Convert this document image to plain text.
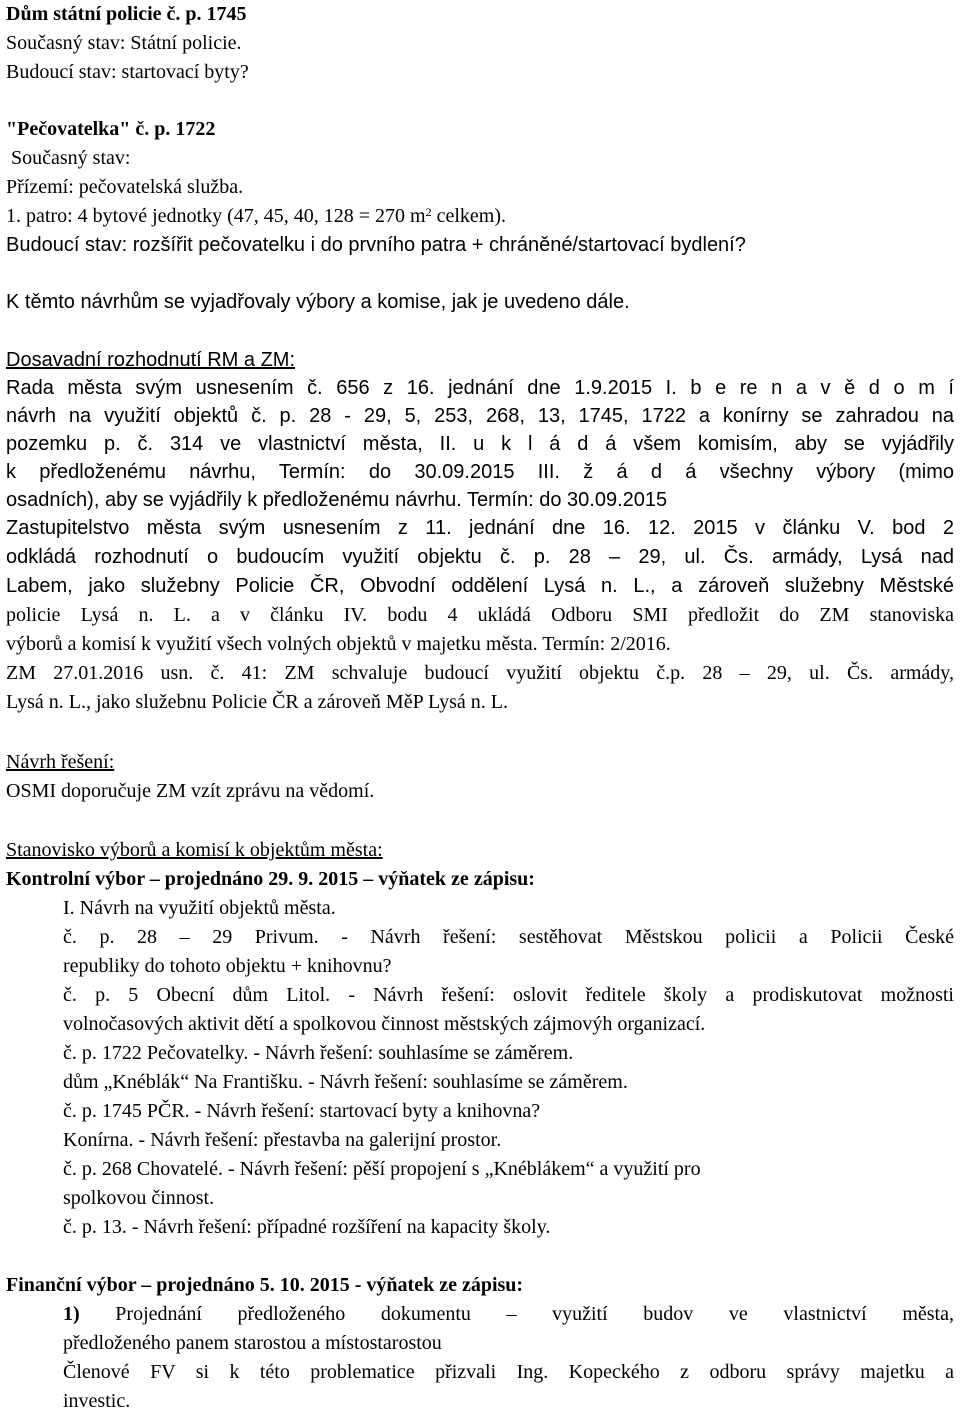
Dům státní policie č. p. 1745
Současný stav: Státní policie.
Budoucí stav: startovací byty?
"Pečovatelka" č. p. 1722
Současný stav:
Přízemí: pečovatelská služba.
1. patro: 4 bytové jednotky (47, 45, 40, 128 = 270 $m^2$ celkem).
Budoucí stav: rozšířit pečovatelku i do prvního patra + chráněné/startovací bydlení?
K těmto návrhům se vyjadřovaly výbory a komise, jak je uvedeno dále.
Dosavadní rozhodnutí RM a ZM:
Rada města svým usnesením č. 656 z 16. jednání dne 1.9.2015 I. b e re n a v ě d o m í
návrh na využití objektů č. p. 28 - 29, 5, 253, 268, 13, 1745, 1722 a konírny se zahradou na
pozemku p. č. 314 ve vlastnictví města, II. u k l á d á všem komisím, aby se vyjádřily
k předloženému návrhu, Termín: do 30.09.2015 III. ž á d á všechny výbory (mimo
osadních), aby se vyjádřily k předloženému návrhu. Termín: do 30.09.2015
Zastupitelstvo města svým usnesením z 11. jednání dne 16. 12. 2015 v článku V. bod 2
odkládá rozhodnutí o budoucím využití objektu č. p. 28 – 29, ul. Čs. armády, Lysá nad
Labem, jako služebny Policie ČR, Obvodní oddělení Lysá n. L., a zároveň služebny Městské
policie Lysá n. L. a v článku IV. bodu 4 ukládá Odboru SMI předložit do ZM stanoviska
výborů a komisí k využití všech volných objektů v majetku města. Termín: 2/2016.
ZM 27.01.2016 usn. č. 41: ZM schvaluje budoucí využití objektu č.p. 28 – 29, ul. Čs. armády,
Lysá n. L., jako služebnu Policie ČR a zároveň MěP Lysá n. L.
Návrh řešení:
OSMI doporučuje ZM vzít zprávu na vědomí.
Stanovisko výborů a komisí k objektům města:
Kontrolní výbor – projednáno 29. 9. 2015 – výňatek ze zápisu:
I. Návrh na využití objektů města.
č. p. 28 – 29 Privum. - Návrh řešení: sestěhovat Městskou policii a Policii České
republiky do tohoto objektu + knihovnu?
č. p. 5 Obecní dům Litol. - Návrh řešení: oslovit ředitele školy a prodiskutovat možnosti
volnočasových aktivit dětí a spolkovou činnost městských zájmovýh organizací.
č. p. 1722 Pečovatelky. - Návrh řešení: souhlasíme se záměrem.
dům „Knéblák“ Na Františku. - Návrh řešení: souhlasíme se záměrem.
č. p. 1745 PČR. - Návrh řešení: startovací byty a knihovna?
Konírna. - Návrh řešení: přestavba na galerijní prostor.
č. p. 268 Chovatelé. - Návrh řešení: pěší propojení s „Knéblákem“ a využití pro
spolkovou činnost.
č. p. 13. - Návrh řešení: případné rozšíření na kapacity školy.
Finanční výbor – projednáno 5. 10. 2015 - výňatek ze zápisu:
1) Projednání předloženého dokumentu – využití budov ve vlastnictví města,
předloženého panem starostou a místostarostou
Členové FV si k této problematice přizvali Ing. Kopeckého z odboru správy majetku a
investic.
